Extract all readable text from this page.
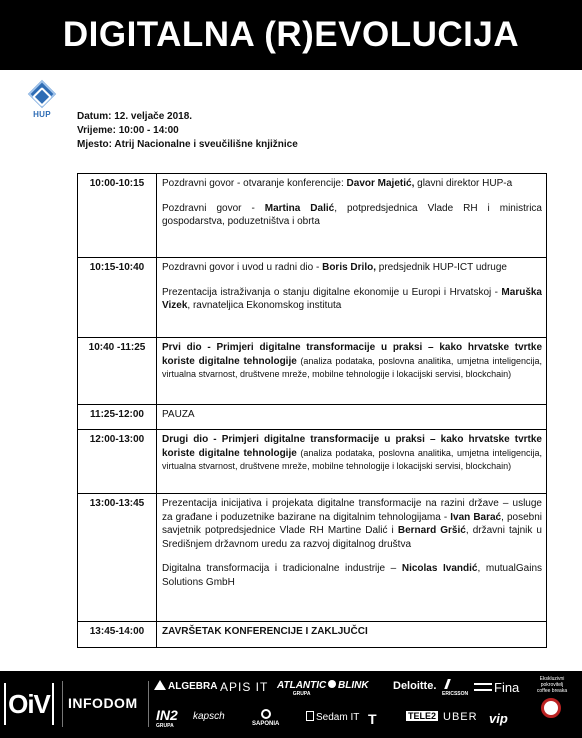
DIGITALNA (R)EVOLUCIJA
HUP	Datum: 12. veljače 2018.
Vrijeme: 10:00 - 14:00
Mjesto: Atrij Nacionalne i sveučilišne knjižnice
10:00-10:15	Pozdravni govor - otvaranje konferencije: Davor Majetić, glavni direktor HUP-a

Pozdravni govor - Martina Dalić, potpredsjednica Vlade RH i ministrica gospodarstva, poduzetništva i obrta

10:15-10:40	Pozdravni govor i uvod u radni dio - Boris Drilo, predsjednik HUP-ICT udruge

Prezentacija istraživanja o stanju digitalne ekonomije u Europi i Hrvatskoj - Maruška Vizek, ravnateljica Ekonomskog instituta

10:40 -11:25	Prvi dio - Primjeri digitalne transformacije u praksi – kako hrvatske tvrtke koriste digitalne tehnologije (analiza podataka, poslovna analitika, umjetna inteligencija, virtualna stvarnost, društvene mreže, mobilne tehnologije i lokacijski servisi, blockchain)
11:25-12:00	PAUZA
12:00-13:00	Drugi dio - Primjeri digitalne transformacije u praksi – kako hrvatske tvrtke koriste digitalne tehnologije (analiza podataka, poslovna analitika, umjetna inteligencija, virtualna stvarnost, društvene mreže, mobilne tehnologije i lokacijski servisi, blockchain)
13:00-13:45	Prezentacija inicijativa i projekata digitalne transformacije na razini države – usluge za građane i poduzetnike bazirane na digitalnim tehnologijama - Ivan Barać, posebni savjetnik potpredsjednice Vlade RH Martine Dalić i Bernard Gršić, državni tajnik u Središnjem državnom uredu za razvoj digitalnog društva

Digitalna transformacija i tradicionalne industrije – Nicolas Ivandić, mutualGains Solutions GmbH

13:45-14:00	ZAVRŠETAK KONFERENCIJE I ZAKLJUČCI
OiV INFODOM
ALGEBRA APIS IT ATLANTIC
GRUPA
BLINK Deloitte.
ERICSSON	Fina
IN2
GRUPA
kapsch
SAPONIA
Sedam IT T	TELE2 UBER vip
Ekskluzivni pokrovitelj coffee breaka
